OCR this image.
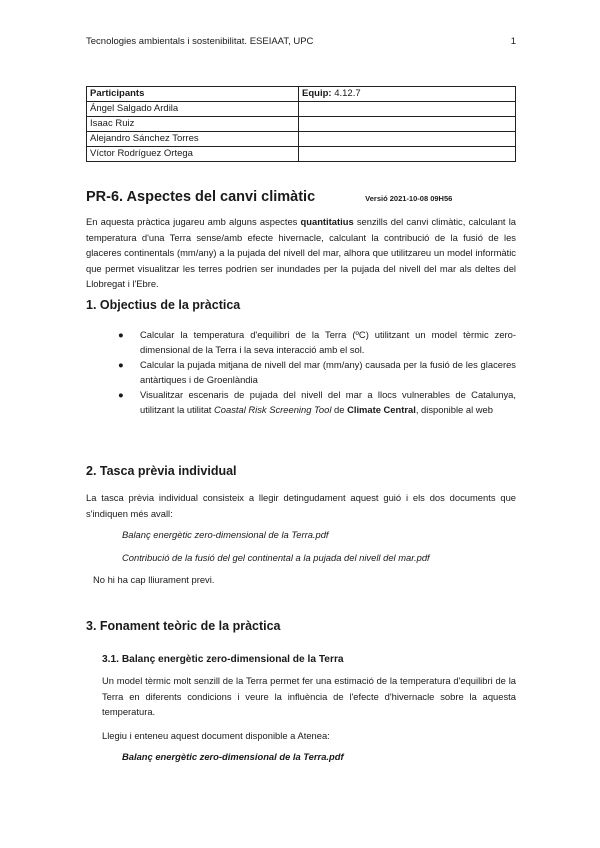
Tecnologies ambientals i sostenibilitat. ESEIAAT, UPC	1
Participants	Equip: 4.12.7
Ángel Salgado Ardila	
Isaac Ruiz	
Alejandro Sánchez Torres	
Víctor Rodríguez Ortega	
PR-6. Aspectes del canvi climàtic	Versió 2021-10-08 09H56

En aquesta pràctica jugareu amb alguns aspectes quantitatius senzills del canvi climàtic, calculant la temperatura d'una Terra sense/amb efecte hivernacle, calculant la contribució de la fusió de les glaceres continentals (mm/any) a la pujada del nivell del mar, alhora que utilitzareu un model informàtic que permet visualitzar les terres podrien ser inundades per la pujada del nivell del mar als deltes del Llobregat i l'Ebre.

1. Objectius de la pràctica
● Calcular la temperatura d'equilibri de la Terra (ºC) utilitzant un model tèrmic zero-dimensional de la Terra i la seva interacció amb el sol.
● Calcular la pujada mitjana de nivell del mar (mm/any) causada per la fusió de les glaceres antàrtiques i de Groenlàndia
● Visualitzar escenaris de pujada del nivell del mar a llocs vulnerables de Catalunya, utilitzant la utilitat Coastal Risk Screening Tool de Climate Central, disponible al web
2. Tasca prèvia individual

La tasca prèvia individual consisteix a llegir detingudament aquest guió i els dos documents que s'indiquen més avall:

Balanç energètic zero-dimensional de la Terra.pdf
Contribució de la fusió del gel continental a la pujada del nivell del mar.pdf
No hi ha cap lliurament previ.
3. Fonament teòric de la pràctica
3.1. Balanç energètic zero-dimensional de la Terra

Un model tèrmic molt senzill de la Terra permet fer una estimació de la temperatura d'equilibri de la Terra en diferents condicions i veure la influència de l'efecte d'hivernacle sobre la aquesta temperatura.

Llegiu i enteneu aquest document disponible a Atenea:
Balanç energètic zero-dimensional de la Terra.pdf
